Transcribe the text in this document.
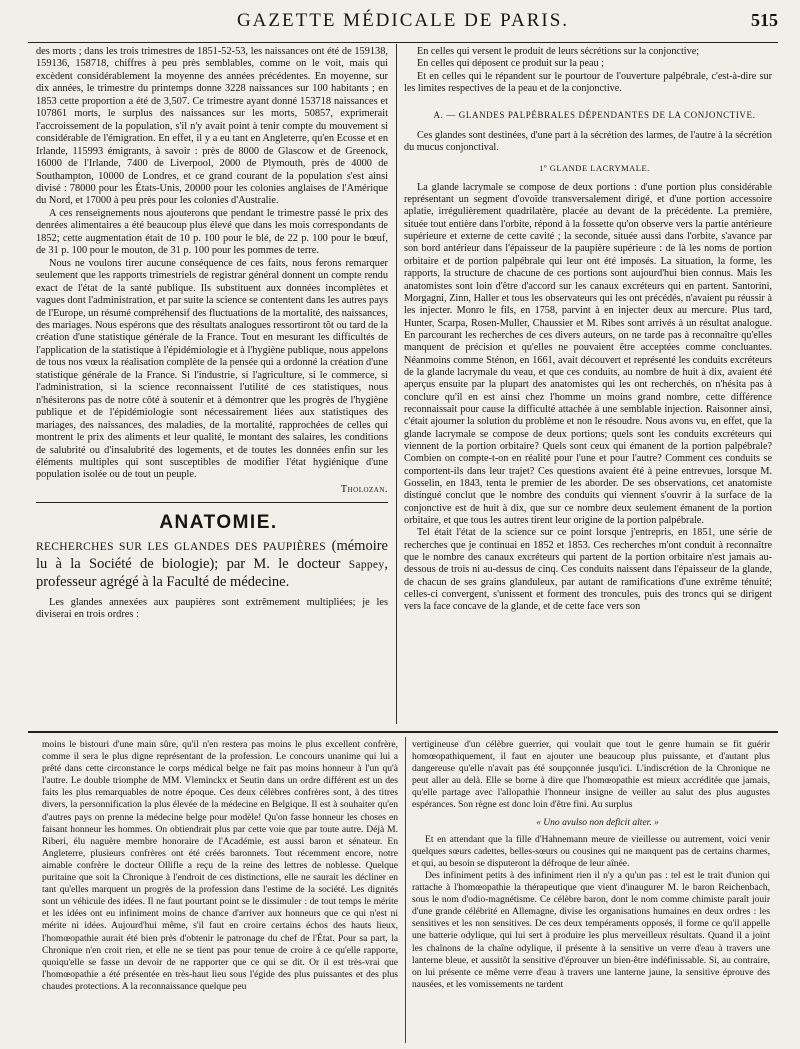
GAZETTE MÉDICALE DE PARIS.	515

des morts ; dans les trois trimestres de 1851-52-53, les naissances ont été de 159138, 159136, 158718, chiffres à peu près semblables, comme on le voit, mais qui excèdent considérablement la moyenne des années précédentes. En moyenne, sur dix années, le trimestre du printemps donne 3228 naissances sur 100 habitants ; en 1853 cette proportion a été de 3,507. Ce trimestre ayant donné 153718 naissances et 107861 morts, le surplus des naissances sur les morts, 50857, exprimerait l'accroissement de la population, s'il n'y avait point à tenir compte du mouvement si considérable de l'émigration. En effet, il y a eu tant en Angleterre, qu'en Ecosse et en Irlande, 115993 émigrants, à savoir : près de 8000 de Glascow et de Greenock, 16000 de l'Irlande, 7400 de Liverpool, 2000 de Plymouth, près de 4000 de Southampton, 10000 de Londres, et ce grand courant de la population s'est ainsi divisé : 78000 pour les États-Unis, 20000 pour les colonies anglaises de l'Amérique du Nord, et 17000 à peu près pour les colonies d'Australie.

A ces renseignements nous ajouterons que pendant le trimestre passé le prix des denrées alimentaires a été beaucoup plus élevé que dans les mois correspondants de 1852; cette augmentation était de 10 p. 100 pour le blé, de 22 p. 100 pour le bœuf, de 31 p. 100 pour le mouton, de 31 p. 100 pour les pommes de terre.

Nous ne voulons tirer aucune conséquence de ces faits, nous ferons remarquer seulement que les rapports trimestriels de registrar général donnent un compte rendu exact de l'état de la santé publique. Ils substituent aux données incomplètes et vagues dont l'administration, et par suite la science se contentent dans les autres pays de l'Europe, un résumé compréhensif des fluctuations de la mortalité, des naissances, des mariages. Nous espérons que des résultats analogues ressortiront tôt ou tard de la création d'une statistique générale de la France. Tout en mesurant les difficultés de l'application de la statistique à l'épidémiologie et à l'hygiène publique, nous appelons de tous nos vœux la réalisation complète de la pensée qui a ordonné la création d'une statistique générale de la France. Si l'industrie, si l'agriculture, si le commerce, si l'administration, si la science reconnaissent l'utilité de ces statistiques, nous n'hésiterons pas de notre côté à soutenir et à démontrer que les progrès de l'hygiène publique et de l'épidémiologie sont nécessairement liées aux statistiques des mariages, des naissances, des maladies, de la mortalité, rapprochées de celles qui montrent le prix des aliments et leur qualité, le montant des salaires, les conditions de salubrité ou d'insalubrité des logements, et de toutes les données enfin sur les éléments multiples qui sont susceptibles de modifier l'état hygiénique d'une population isolée ou de tout un peuple.

Tholozan.

ANATOMIE.

RECHERCHES SUR LES GLANDES DES PAUPIÈRES (mémoire lu à la Société de biologie); par M. le docteur Sappey, professeur agrégé à la Faculté de médecine.

Les glandes annexées aux paupières sont extrêmement multipliées; je les diviserai en trois ordres :

En celles qui versent le produit de leurs sécrétions sur la conjonctive;

En celles qui déposent ce produit sur la peau ;

Et en celles qui le répandent sur le pourtour de l'ouverture palpébrale, c'est-à-dire sur les limites respectives de la peau et de la conjonctive.

A. — GLANDES PALPÉBRALES DÉPENDANTES DE LA CONJONCTIVE.

Ces glandes sont destinées, d'une part à la sécrétion des larmes, de l'autre à la sécrétion du mucus conjonctival.

1º GLANDE LACRYMALE.

La glande lacrymale se compose de deux portions : d'une portion plus considérable représentant un segment d'ovoïde transversalement dirigé, et d'une portion accessoire aplatie, irrégulièrement quadrilatère, placée au devant de la précédente. La première, située tout entière dans l'orbite, répond à la fossette qu'on observe vers la partie antérieure supérieure et externe de cette cavité ; la seconde, située aussi dans l'orbite, s'avance par son bord antérieur dans l'épaisseur de la paupière supérieure : de là les noms de portion orbitaire et de portion palpébrale qui leur ont été imposés. La situation, la forme, les rapports, la structure de chacune de ces portions sont aujourd'hui bien connus. Mais les anatomistes sont loin d'être d'accord sur les canaux excréteurs qui en partent. Santorini, Morgagni, Zinn, Haller et tous les observateurs qui les ont précédés, n'avaient pu réussir à les injecter. Monro le fils, en 1758, parvint à en injecter deux au mercure. Plus tard, Hunter, Scarpa, Rosen-Muller, Chaussier et M. Ribes sont arrivés à un résultat analogue. En parcourant les recherches de ces divers auteurs, on ne tarde pas à reconnaître qu'elles manquent de précision et qu'elles ne pouvaient être acceptées comme concluantes. Néanmoins comme Sténon, en 1661, avait découvert et représenté les conduits excréteurs de la glande lacrymale du veau, et que ces conduits, au nombre de huit à dix, avaient été aperçus ensuite par la plupart des anatomistes qui les ont recherchés, on n'hésita pas à conclure qu'il en est ainsi chez l'homme un moins grand nombre, cette différence reconnaissait pour cause la difficulté attachée à une semblable injection. Raisonner ainsi, c'était ajourner la solution du problème et non le résoudre. Nous avons vu, en effet, que la glande lacrymale se compose de deux portions; quels sont les conduits excréteurs qui viennent de la portion orbitaire? Quels sont ceux qui émanent de la portion palpébrale? Combien on compte-t-on en réalité pour l'une et pour l'autre? Comment ces conduits se comportent-ils dans leur trajet? Ces questions avaient été à peine entrevues, lorsque M. Gosselin, en 1843, tenta le premier de les aborder. De ses observations, cet anatomiste distingué conclut que le nombre des conduits qui viennent s'ouvrir à la surface de la conjonctive est de huit à dix, que sur ce nombre deux seulement émanent de la portion orbitaire, et que tous les autres tirent leur origine de la portion palpébrale.

Tel était l'état de la science sur ce point lorsque j'entrepris, en 1851, une série de recherches que je continuai en 1852 et 1853. Ces recherches m'ont conduit à reconnaître que le nombre des canaux excréteurs qui partent de la portion orbitaire n'est jamais au-dessous de trois ni au-dessus de cinq. Ces conduits naissent dans l'épaisseur de la glande, de chacun de ses grains glanduleux, par autant de ramifications d'une extrême ténuité; celles-ci convergent, s'unissent et forment des troncules, puis des troncs qui se dirigent vers la face concave de la glande, et de cette face vers son

moins le bistouri d'une main sûre, qu'il n'en restera pas moins le plus excellent confrère, comme il sera le plus digne représentant de la profession. Le concours unanime qui lui a prêté dans cette circonstance le corps médical belge ne fait pas moins honneur à l'un qu'à l'autre. Le double triomphe de MM. Vleminckx et Seutin dans un ordre différent est un des faits les plus remarquables de notre époque. Ces deux célèbres confrères sont, à des titres divers, la personnification la plus élevée de la médecine en Belgique. Il est à souhaiter qu'en d'autres pays on prenne la médecine belge pour modèle! Qu'on fasse honneur les choses en faisant honneur les hommes. On obtiendrait plus par cette voie que par toute autre. Déjà M. Riberi, élu naguère membre honoraire de l'Académie, est aussi baron et sénateur. En Angleterre, plusieurs confrères ont été créés baronnets. Tout récemment encore, notre aimable confrère le docteur Ollifle a reçu de la reine des lettres de noblesse. Quelque puritaine que soit la Chronique à l'endroit de ces distinctions, elle ne saurait les décliner en tant qu'elles marquent un progrès de la profession dans l'estime de la société. Les dignités sont un véhicule des idées. Il ne faut pourtant point se le dissimuler : de tout temps le mérite et les idées ont eu infiniment moins de chance d'arriver aux honneurs que ce qui n'est ni mérite ni idées. Aujourd'hui même, s'il faut en croire certains échos des hauts lieux, l'homœopathie aurait été bien près d'obtenir le patronage du chef de l'État. Pour sa part, la Chronique n'en croit rien, et elle ne se tient pas pour tenue de croire à ce qu'elle rapporte, quoiqu'elle se fasse un devoir de ne rapporter que ce qui se dit. Or il est très-vrai que l'homœopathie a été présentée en très-haut lieu sous l'égide des plus puissantes et des plus chaudes protections. A la reconnaissance quelque peu

vertigineuse d'un célèbre guerrier, qui voulait que tout le genre humain se fit guérir homœopathiquement, il faut en ajouter une beaucoup plus puissante, et d'autant plus dangereuse qu'elle n'avait pas été soupçonnée jusqu'ici. L'indiscrétion de la Chronique ne peut aller au delà. Elle se borne à dire que l'homœopathie est mieux accréditée que jamais, qu'elle partage avec l'allopathie l'honneur insigne de veiller au salut des plus augustes espérances. Son règne est donc loin d'être fini. Au surplus

« Uno avulso non deficit alter. »

Et en attendant que la fille d'Hahnemann meure de vieillesse ou autrement, voici venir quelques sœurs cadettes, belles-sœurs ou cousines qui ne manquent pas de certains charmes, et qui, au besoin se disputeront la défroque de leur aînée.

Des infiniment petits à des infiniment rien il n'y a qu'un pas : tel est le trait d'union qui rattache à l'homœopathie la thérapeutique que vient d'inaugurer M. le baron Reichenbach, sous le nom d'odio-magnétisme. Ce célèbre baron, dont le nom comme chimiste paraît jouir d'une grande célébrité en Allemagne, divise les organisations humaines en deux ordres : les sensitives et les non sensitives. De ces deux tempéraments opposés, il forme ce qu'il appelle une batterie odylique, qui lui sert à produire les plus merveilleux résultats. Quand il a joint les chaînons de la chaîne odylique, il présente à la sensitive un verre d'eau à travers une lanterne bleue, et aussitôt la sensitive d'éprouver un bien-être indéfinissable. Si, au contraire, on lui présente ce même verre d'eau à travers une lanterne jaune, la sensitive éprouve des nausées, et les vomissements ne tardent
